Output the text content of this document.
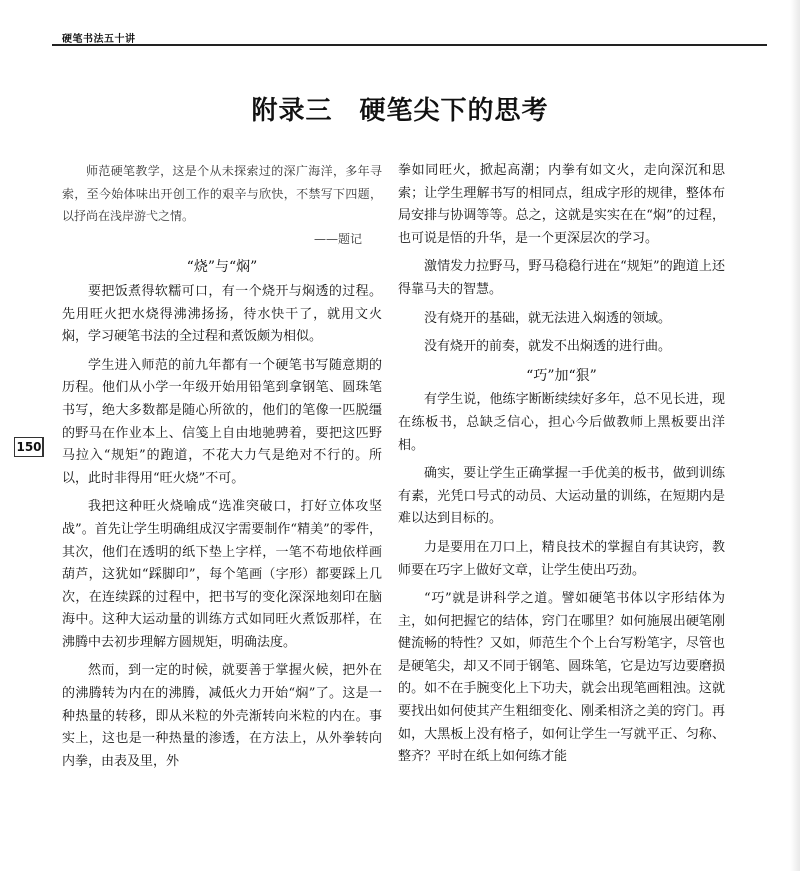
硬笔书法五十讲
附录三　硬笔尖下的思考
150

师范硬笔教学，这是个从未探索过的深广海洋，多年寻索，至今始体味出开创工作的艰辛与欣快，不禁写下四题，以抒尚在浅岸游弋之情。

——题记
“烧”与“焖”

要把饭煮得软糯可口，有一个烧开与焖透的过程。先用旺火把水烧得沸沸扬扬，待水快干了，就用文火焖，学习硬笔书法的全过程和煮饭颇为相似。

学生进入师范的前九年都有一个硬笔书写随意期的历程。他们从小学一年级开始用铅笔到拿钢笔、圆珠笔书写，绝大多数都是随心所欲的，他们的笔像一匹脱缰的野马在作业本上、信笺上自由地驰骋着，要把这匹野马拉入“规矩”的跑道，不花大力气是绝对不行的。所以，此时非得用“旺火烧”不可。

我把这种旺火烧喻成“选准突破口，打好立体攻坚战”。首先让学生明确组成汉字需要制作“精美”的零件，其次，他们在透明的纸下垫上字样，一笔不苟地依样画葫芦，这犹如“踩脚印”，每个笔画（字形）都要踩上几次，在连续踩的过程中，把书写的变化深深地刻印在脑海中。这种大运动量的训练方式如同旺火煮饭那样，在沸腾中去初步理解方圆规矩，明确法度。

然而，到一定的时候，就要善于掌握火候，把外在的沸腾转为内在的沸腾，减低火力开始“焖”了。这是一种热量的转移，即从米粒的外壳渐转向米粒的内在。事实上，这也是一种热量的渗透，在方法上，从外拳转向内拳，由表及里，外

拳如同旺火，掀起高潮；内拳有如文火，走向深沉和思索；让学生理解书写的相同点，组成字形的规律，整体布局安排与协调等等。总之，这就是实实在在“焖”的过程，也可说是悟的升华，是一个更深层次的学习。

激情发力拉野马，野马稳稳行进在“规矩”的跑道上还得靠马夫的智慧。

没有烧开的基础，就无法进入焖透的领域。

没有烧开的前奏，就发不出焖透的进行曲。

“巧”加“狠”

有学生说，他练字断断续续好多年，总不见长进，现在练板书，总缺乏信心，担心今后做教师上黑板要出洋相。

确实，要让学生正确掌握一手优美的板书，做到训练有素，光凭口号式的动员、大运动量的训练，在短期内是难以达到目标的。

力是要用在刀口上，精良技术的掌握自有其诀窍，教师要在巧字上做好文章，让学生使出巧劲。

“巧”就是讲科学之道。譬如硬笔书体以字形结体为主，如何把握它的结体，窍门在哪里？如何施展出硬笔刚健流畅的特性？又如，师范生个个上台写粉笔字，尽管也是硬笔尖，却又不同于钢笔、圆珠笔，它是边写边要磨损的。如不在手腕变化上下功夫，就会出现笔画粗浊。这就要找出如何使其产生粗细变化、刚柔相济之美的窍门。再如，大黑板上没有格子，如何让学生一写就平正、匀称、整齐？平时在纸上如何练才能
